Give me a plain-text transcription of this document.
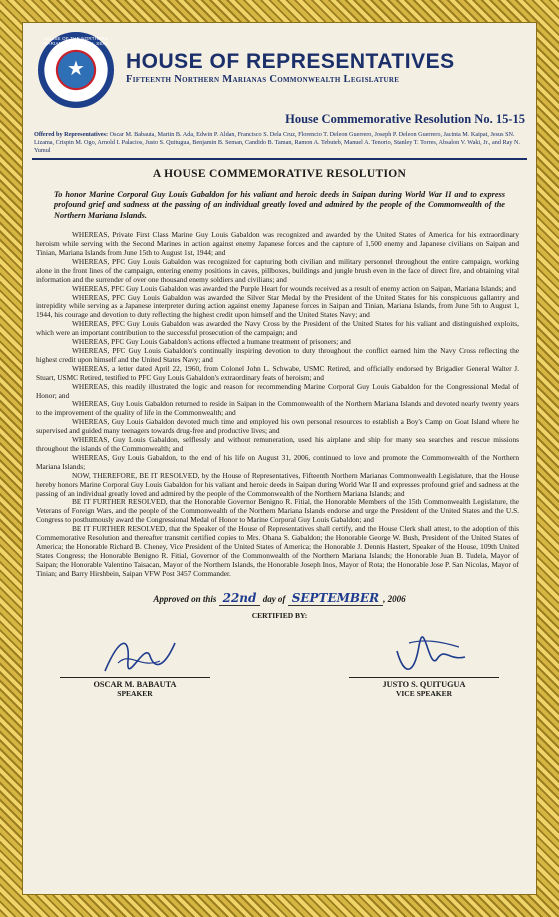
HOUSE OF THE NORTHERN MARIANAS · OFFICIAL SEAL
★ HOUSE OF REPRESENTATIVES
Fifteenth Northern Marianas Commonwealth Legislature
House Commemorative Resolution No. 15-15
Offered by Representatives: Oscar M. Babauta, Martin B. Ada, Edwin P. Aldan, Francisco S. Dela Cruz, Florencio T. Deleon Guerrero, Joseph P. Deleon Guerrero, Jacinta M. Kaipat, Jesus SN. Lizama, Crispin M. Ogo, Arnold I. Palacios, Justo S. Quitugua, Benjamin B. Seman, Candido B. Taman, Ramon A. Tebuteb, Manuel A. Tenorio, Stanley T. Torres, Absalon V. Waki, Jr., and Ray N. Yumul
A HOUSE COMMEMORATIVE RESOLUTION
To honor Marine Corporal Guy Louis Gabaldon for his valiant and heroic deeds in Saipan during World War II and to express profound grief and sadness at the passing of an individual greatly loved and admired by the people of the Commonwealth of the Northern Mariana Islands.

WHEREAS, Private First Class Marine Guy Louis Gabaldon was recognized and awarded by the United States of America for his extraordinary heroism while serving with the Second Marines in action against enemy Japanese forces and the capture of 1,500 enemy and Japanese civilians on Saipan and Tinian, Mariana Islands from June 15th to August 1st, 1944; and

WHEREAS, PFC Guy Louis Gabaldon was recognized for capturing both civilian and military personnel throughout the entire campaign, working alone in the front lines of the campaign, entering enemy positions in caves, pillboxes, buildings and jungle brush even in the face of direct fire, and obtaining vital information and the surrender of over one thousand enemy soldiers and civilians; and

WHEREAS, PFC Guy Louis Gabaldon was awarded the Purple Heart for wounds received as a result of enemy action on Saipan, Mariana Islands; and

WHEREAS, PFC Guy Louis Gabaldon was awarded the Silver Star Medal by the President of the United States for his conspicuous gallantry and intrepidity while serving as a Japanese interpreter during action against enemy Japanese forces in Saipan and Tinian, Mariana Islands, from June 5th to August 1, 1944, his courage and devotion to duty reflecting the highest credit upon himself and the United States Navy; and

WHEREAS, PFC Guy Louis Gabaldon was awarded the Navy Cross by the President of the United States for his valiant and distinguished exploits, which were an important contribution to the successful prosecution of the campaign; and

WHEREAS, PFC Guy Louis Gabaldon's actions effected a humane treatment of prisoners; and

WHEREAS, PFC Guy Louis Gabaldon's continually inspiring devotion to duty throughout the conflict earned him the Navy Cross reflecting the highest credit upon himself and the United States Navy; and

WHEREAS, a letter dated April 22, 1960, from Colonel John L. Schwabe, USMC Retired, and officially endorsed by Brigadier General Walter J. Stuart, USMC Retired, testified to PFC Guy Louis Gabaldon's extraordinary feats of heroism; and

WHEREAS, this readily illustrated the logic and reason for recommending Marine Corporal Guy Louis Gabaldon for the Congressional Medal of Honor; and

WHEREAS, Guy Louis Gabaldon returned to reside in Saipan in the Commonwealth of the Northern Mariana Islands and devoted nearly twenty years to the improvement of the quality of life in the Commonwealth; and

WHEREAS, Guy Louis Gabaldon devoted much time and employed his own personal resources to establish a Boy's Camp on Goat Island where he supervised and guided many teenagers towards drug-free and productive lives; and

WHEREAS, Guy Louis Gabaldon, selflessly and without remuneration, used his airplane and ship for many sea searches and rescue missions throughout the islands of the Commonwealth; and

WHEREAS, Guy Louis Gabaldon, to the end of his life on August 31, 2006, continued to love and promote the Commonwealth of the Northern Mariana Islands;

NOW, THEREFORE, BE IT RESOLVED, by the House of Representatives, Fifteenth Northern Marianas Commonwealth Legislature, that the House hereby honors Marine Corporal Guy Louis Gabaldon for his valiant and heroic deeds in Saipan during World War II and expresses profound grief and sadness at the passing of an individual greatly loved and admired by the people of the Commonwealth of the Northern Mariana Islands; and

BE IT FURTHER RESOLVED, that the Honorable Governor Benigno R. Fitial, the Honorable Members of the 15th Commonwealth Legislature, the Veterans of Foreign Wars, and the people of the Commonwealth of the Northern Mariana Islands endorse and urge the President of the United States and the U.S. Congress to posthumously award the Congressional Medal of Honor to Marine Corporal Guy Louis Gabaldon; and

BE IT FURTHER RESOLVED, that the Speaker of the House of Representatives shall certify, and the House Clerk shall attest, to the adoption of this Commemorative Resolution and thereafter transmit certified copies to Mrs. Ohana S. Gabaldon; the Honorable George W. Bush, President of the United States of America; the Honorable Richard B. Cheney, Vice President of the United States of America; the Honorable J. Dennis Hastert, Speaker of the House, 109th United States Congress; the Honorable Benigno R. Fitial, Governor of the Commonwealth of the Northern Mariana Islands; the Honorable Juan B. Tudela, Mayor of Saipan; the Honorable Valentino Taisacan, Mayor of the Northern Islands, the Honorable Joseph Inos, Mayor of Rota; the Honorable Jose P. San Nicolas, Mayor of Tinian; and Barry Hirshbein, Saipan VFW Post 3457 Commander.

Approved on this 22nd day of SEPTEMBER , 2006
CERTIFIED BY:
OSCAR M. BABAUTA
SPEAKER
JUSTO S. QUITUGUA
VICE SPEAKER
